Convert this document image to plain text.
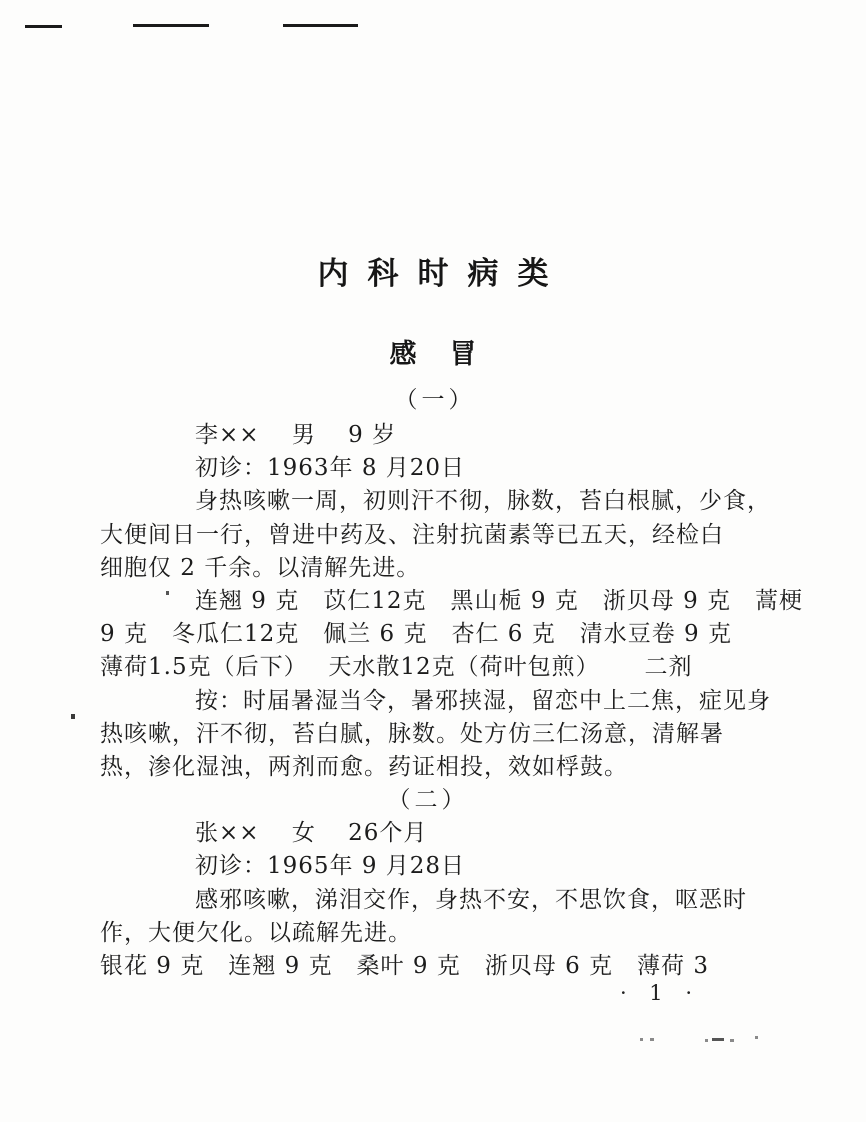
内科时病类
感冒
（一）
李××　 男　 9 岁
初诊：1963年 8 月20日
身热咳嗽一周，初则汗不彻，脉数，苔白根腻，少食，
大便间日一行，曾进中药及、注射抗菌素等已五天，经检白
细胞仅 2 千余。以清解先进。
连翘 9 克　苡仁12克　黑山栀 9 克　浙贝母 9 克　蒿梗
9 克　冬瓜仁12克　佩兰 6 克　杏仁 6 克　清水豆卷 9 克
薄荷1.5克（后下）　 天水散12克（荷叶包煎）　　 二剂
按：时届暑湿当令，暑邪挟湿，留恋中上二焦，症见身
热咳嗽，汗不彻，苔白腻，脉数。处方仿三仁汤意，清解暑
热，渗化湿浊，两剂而愈。药证相投，效如桴鼓。
（二）
张××　 女　 26个月
初诊：1965年 9 月28日
感邪咳嗽，涕泪交作，身热不安，不思饮食，呕恶时
作，大便欠化。以疏解先进。
银花 9 克　连翘 9 克　桑叶 9 克　浙贝母 6 克　薄荷 3
· 1 ·
